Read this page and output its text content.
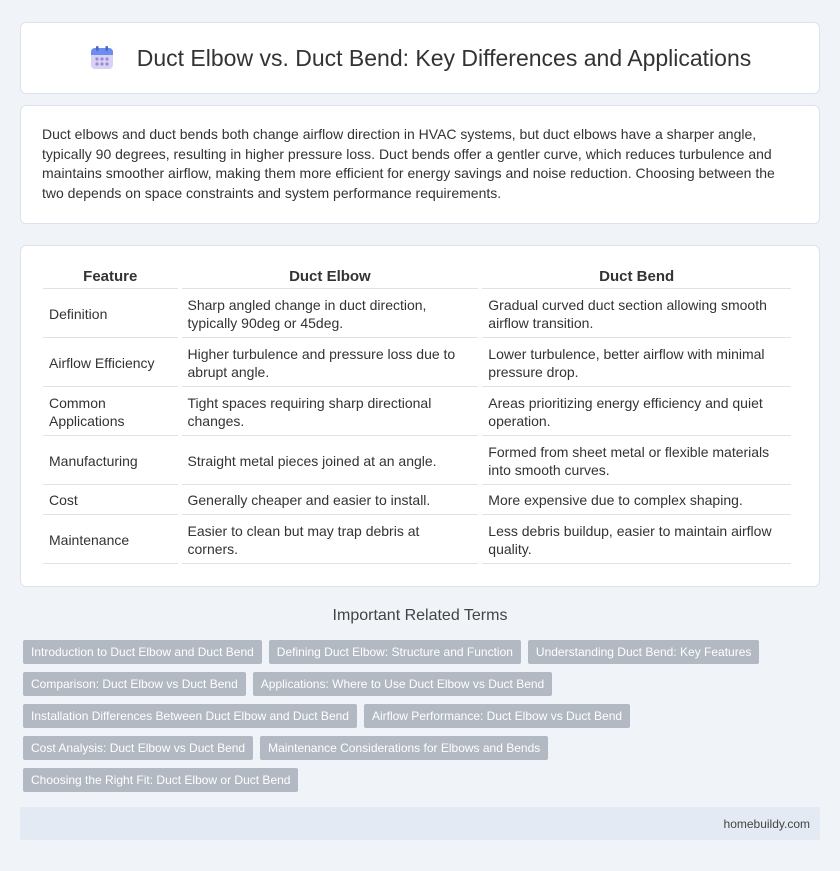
Duct Elbow vs. Duct Bend: Key Differences and Applications

Duct elbows and duct bends both change airflow direction in HVAC systems, but duct elbows have a sharper angle, typically 90 degrees, resulting in higher pressure loss. Duct bends offer a gentler curve, which reduces turbulence and maintains smoother airflow, making them more efficient for energy savings and noise reduction. Choosing between the two depends on space constraints and system performance requirements.

Feature	Duct Elbow	Duct Bend
Definition	Sharp angled change in duct direction, typically 90deg or 45deg.	Gradual curved duct section allowing smooth airflow transition.
Airflow Efficiency	Higher turbulence and pressure loss due to abrupt angle.	Lower turbulence, better airflow with minimal pressure drop.
Common Applications	Tight spaces requiring sharp directional changes.	Areas prioritizing energy efficiency and quiet operation.
Manufacturing	Straight metal pieces joined at an angle.	Formed from sheet metal or flexible materials into smooth curves.
Cost	Generally cheaper and easier to install.	More expensive due to complex shaping.
Maintenance	Easier to clean but may trap debris at corners.	Less debris buildup, easier to maintain airflow quality.
Important Related Terms
Introduction to Duct Elbow and Duct Bend	Defining Duct Elbow: Structure and Function	Understanding Duct Bend: Key Features
Comparison: Duct Elbow vs Duct Bend	Applications: Where to Use Duct Elbow vs Duct Bend
Installation Differences Between Duct Elbow and Duct Bend	Airflow Performance: Duct Elbow vs Duct Bend
Cost Analysis: Duct Elbow vs Duct Bend	Maintenance Considerations for Elbows and Bends
Choosing the Right Fit: Duct Elbow or Duct Bend
homebuildy.com
